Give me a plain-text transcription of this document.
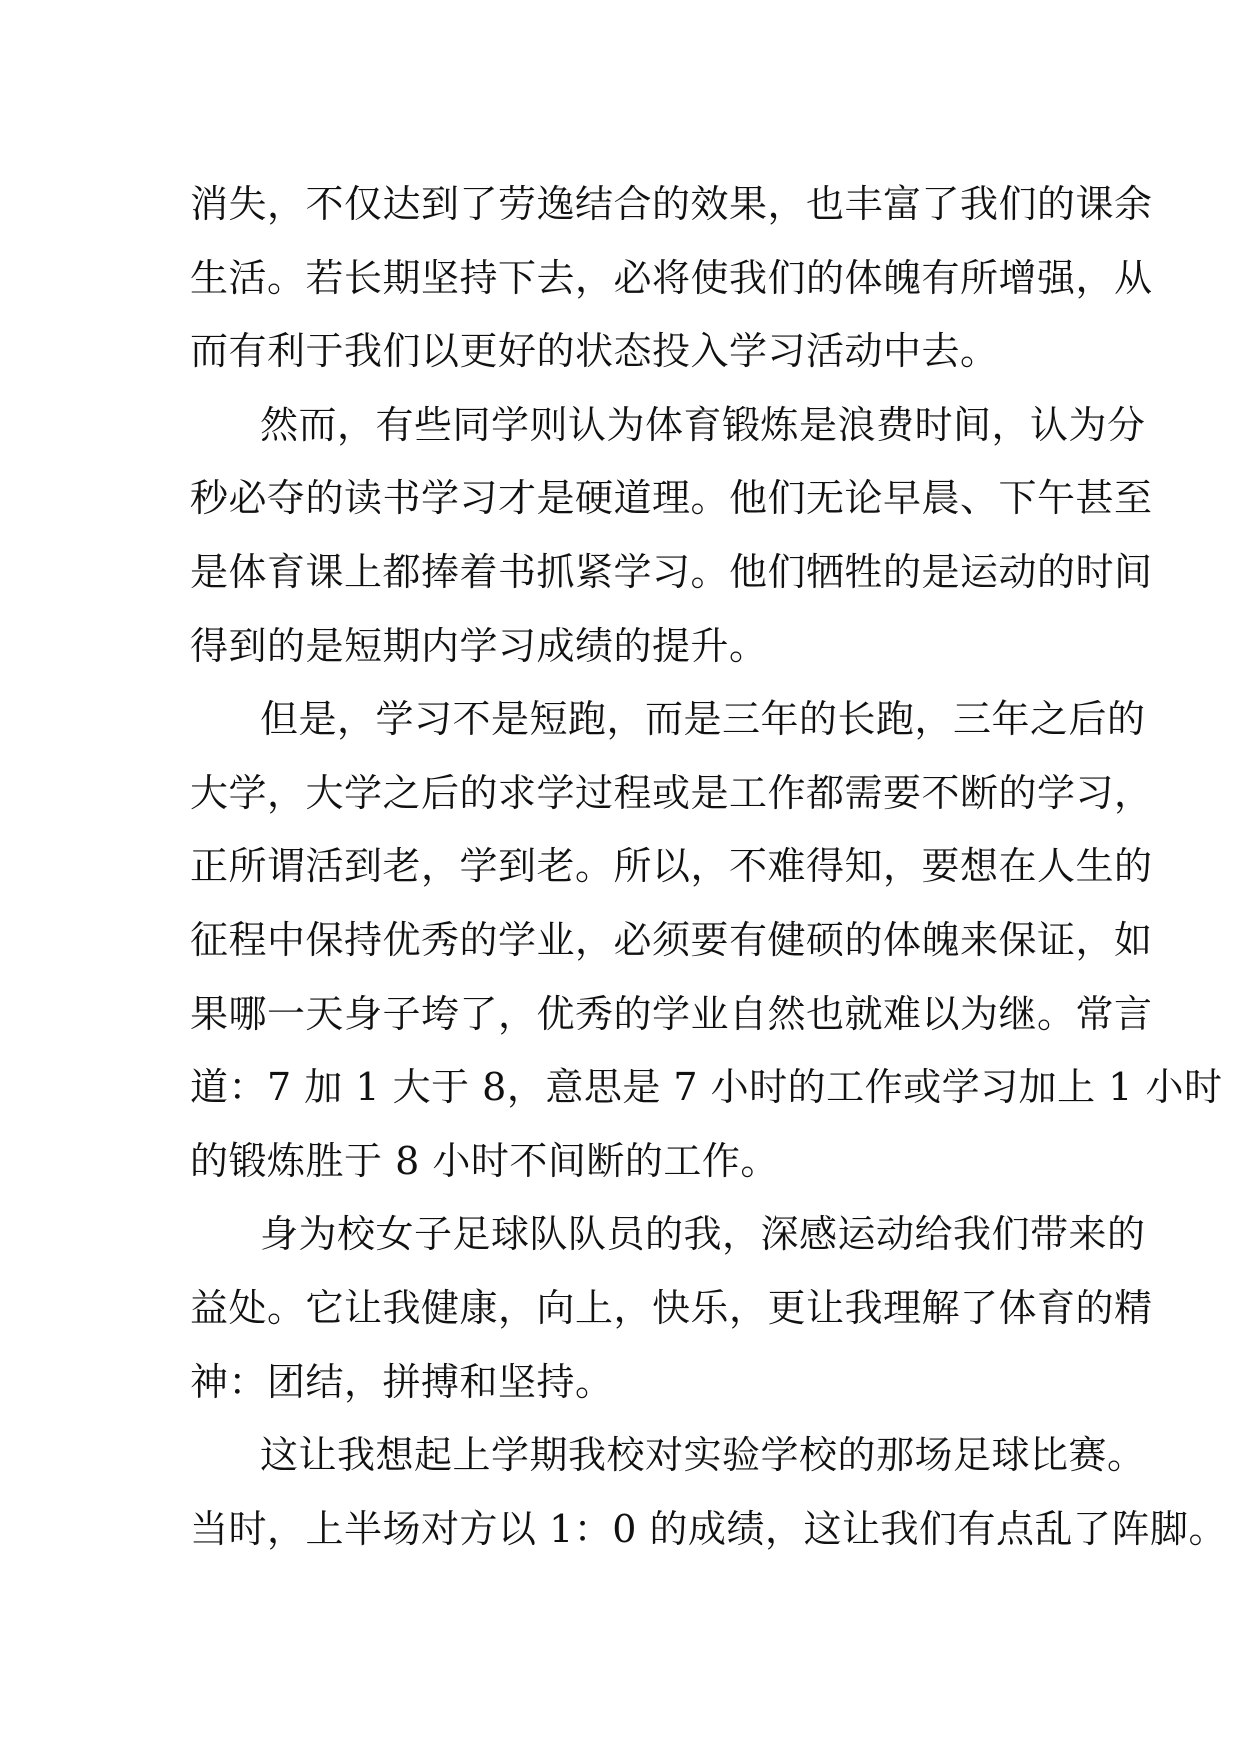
消失，不仅达到了劳逸结合的效果，也丰富了我们的课余
生活。若长期坚持下去，必将使我们的体魄有所增强，从
而有利于我们以更好的状态投入学习活动中去。
然而，有些同学则认为体育锻炼是浪费时间，认为分
秒必夺的读书学习才是硬道理。他们无论早晨、下午甚至
是体育课上都捧着书抓紧学习。他们牺牲的是运动的时间
得到的是短期内学习成绩的提升。
但是，学习不是短跑，而是三年的长跑，三年之后的
大学，大学之后的求学过程或是工作都需要不断的学习，
正所谓活到老，学到老。所以，不难得知，要想在人生的
征程中保持优秀的学业，必须要有健硕的体魄来保证，如
果哪一天身子垮了，优秀的学业自然也就难以为继。常言
道：7 加 1 大于 8，意思是 7 小时的工作或学习加上 1 小时
的锻炼胜于 8 小时不间断的工作。
身为校女子足球队队员的我，深感运动给我们带来的
益处。它让我健康，向上，快乐，更让我理解了体育的精
神：团结，拼搏和坚持。
这让我想起上学期我校对实验学校的那场足球比赛。
当时，上半场对方以 1：0 的成绩，这让我们有点乱了阵脚。
